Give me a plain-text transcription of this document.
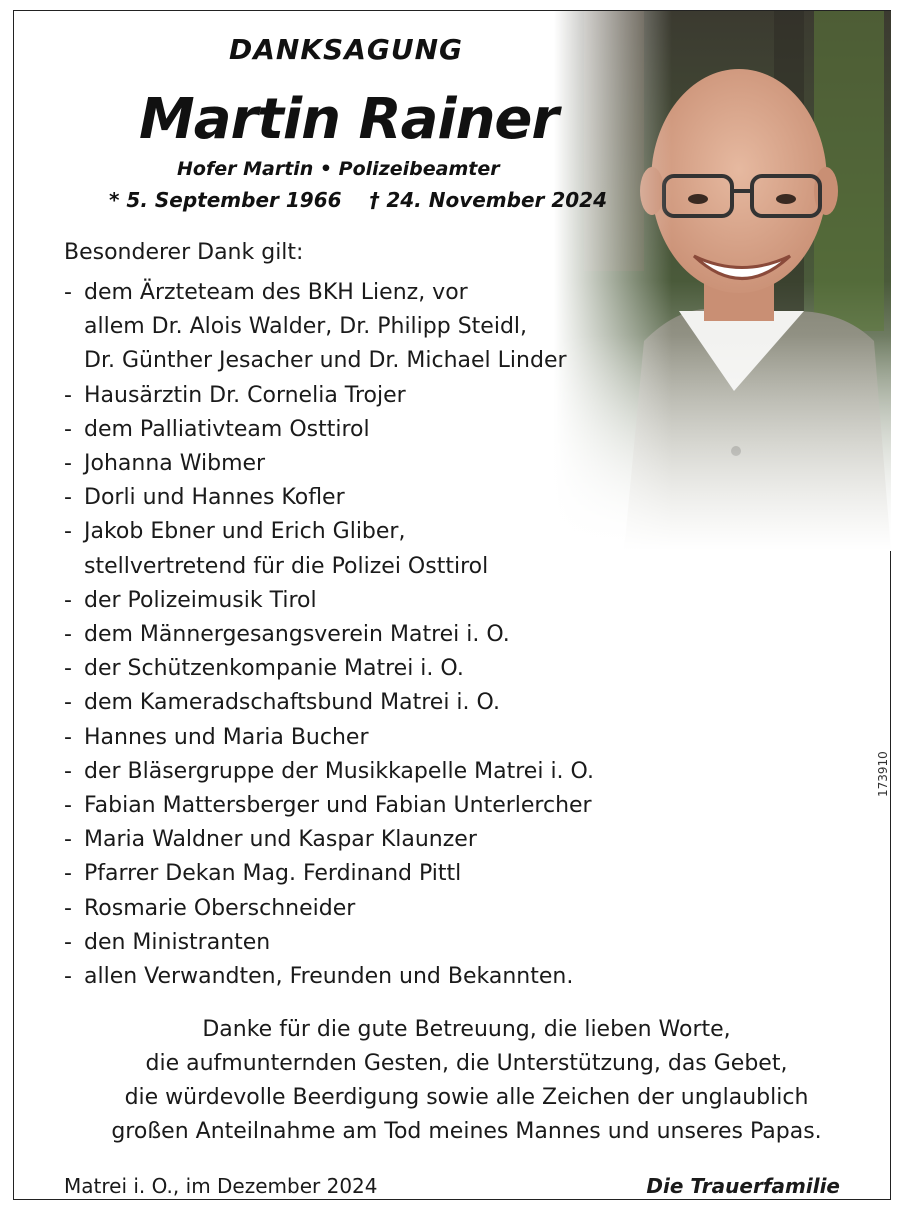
DANKSAGUNG
Martin Rainer
Hofer Martin • Polizeibeamter
* 5. September 1966    † 24. November 2024
Besonderer Dank gilt:
- dem Ärzteteam des BKH Lienz, vor
allem Dr. Alois Walder, Dr. Philipp Steidl,
Dr. Günther Jesacher und Dr. Michael Linder
- Hausärztin Dr. Cornelia Trojer
- dem Palliativteam Osttirol
- Johanna Wibmer
- Dorli und Hannes Kofler
- Jakob Ebner und Erich Gliber,
stellvertretend für die Polizei Osttirol
- der Polizeimusik Tirol
- dem Männergesangsverein Matrei i. O.
- der Schützenkompanie Matrei i. O.
- dem Kameradschaftsbund Matrei i. O.
- Hannes und Maria Bucher
- der Bläsergruppe der Musikkapelle Matrei i. O.
- Fabian Mattersberger und Fabian Unterlercher
- Maria Waldner und Kaspar Klaunzer
- Pfarrer Dekan Mag. Ferdinand Pittl
- Rosmarie Oberschneider
- den Ministranten
- allen Verwandten, Freunden und Bekannten.
Danke für die gute Betreuung, die lieben Worte,
die aufmunternden Gesten, die Unterstützung, das Gebet,
die würdevolle Beerdigung sowie alle Zeichen der unglaublich
großen Anteilnahme am Tod meines Mannes und unseres Papas.
Matrei i. O., im Dezember 2024	Die Trauerfamilie
173910
